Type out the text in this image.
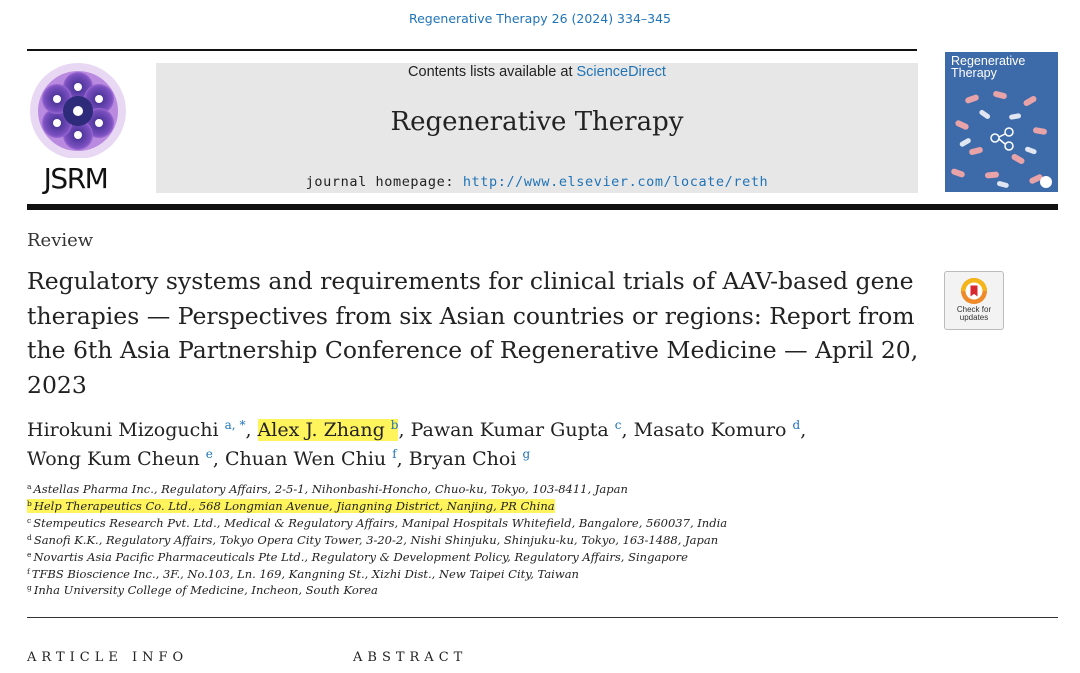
Regenerative Therapy 26 (2024) 334–345
JSRM
Contents lists available at ScienceDirect
Regenerative Therapy
journal homepage: http://www.elsevier.com/locate/reth
Regenerative Therapy
Review
Regulatory systems and requirements for clinical trials of AAV-based gene therapies — Perspectives from six Asian countries or regions: Report from the 6th Asia Partnership Conference of Regenerative Medicine — April 20, 2023
Check for updates
Hirokuni Mizoguchi $^{a, *}$, Alex J. Zhang $^b$, Pawan Kumar Gupta $^c$, Masato Komuro $^d$,
Wong Kum Cheun $^e$, Chuan Wen Chiu $^f$, Bryan Choi $^g$
$^a$ Astellas Pharma Inc., Regulatory Affairs, 2-5-1, Nihonbashi-Honcho, Chuo-ku, Tokyo, 103-8411, Japan
$^b$ Help Therapeutics Co. Ltd., 568 Longmian Avenue, Jiangning District, Nanjing, PR China
$^c$ Stempeutics Research Pvt. Ltd., Medical & Regulatory Affairs, Manipal Hospitals Whitefield, Bangalore, 560037, India
$^d$ Sanofi K.K., Regulatory Affairs, Tokyo Opera City Tower, 3-20-2, Nishi Shinjuku, Shinjuku-ku, Tokyo, 163-1488, Japan
$^e$ Novartis Asia Pacific Pharmaceuticals Pte Ltd., Regulatory & Development Policy, Regulatory Affairs, Singapore
$^f$ TFBS Bioscience Inc., 3F., No.103, Ln. 169, Kangning St., Xizhi Dist., New Taipei City, Taiwan
$^g$ Inha University College of Medicine, Incheon, South Korea
ARTICLE INFO	ABSTRACT
